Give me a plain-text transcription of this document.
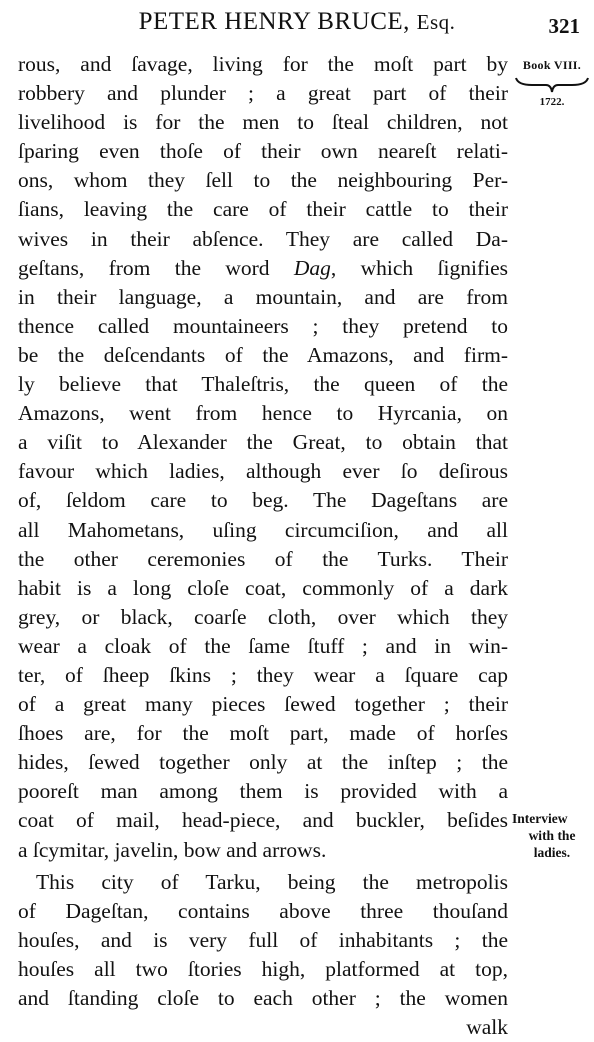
PETER HENRY BRUCE, Esq.	321
Book VIII.
1722.
rous, and ſavage, living for the moſt part by
robbery and plunder ; a great part of their
livelihood is for the men to ſteal children, not
ſparing even thoſe of their own neareſt relati-
ons, whom they ſell to the neighbouring Per-
ſians, leaving the care of their cattle to their
wives in their abſence. They are called Da-
geſtans, from the word Dag, which ſignifies
in their language, a mountain, and are from
thence called mountaineers ; they pretend to
be the deſcendants of the Amazons, and firm-
ly believe that Thaleſtris, the queen of the
Amazons, went from hence to Hyrcania, on
a viſit to Alexander the Great, to obtain that
favour which ladies, although ever ſo deſirous
of, ſeldom care to beg. The Dageſtans are
all Mahometans, uſing circumciſion, and all
the other ceremonies of the Turks. Their
habit is a long cloſe coat, commonly of a dark
grey, or black, coarſe cloth, over which they
wear a cloak of the ſame ſtuff ; and in win-
ter, of ſheep ſkins ; they wear a ſquare cap
of a great many pieces ſewed together ; their
ſhoes are, for the moſt part, made of horſes
hides, ſewed together only at the inſtep ; the
pooreſt man among them is provided with a
coat of mail, head-piece, and buckler, beſides
a ſcymitar, javelin, bow and arrows.
This city of Tarku, being the metropolis
of Dageſtan, contains above three thouſand
houſes, and is very full of inhabitants ; the
houſes all two ſtories high, platformed at top,
and ſtanding cloſe to each other ; the women
walk
Interview
with the
ladies.
